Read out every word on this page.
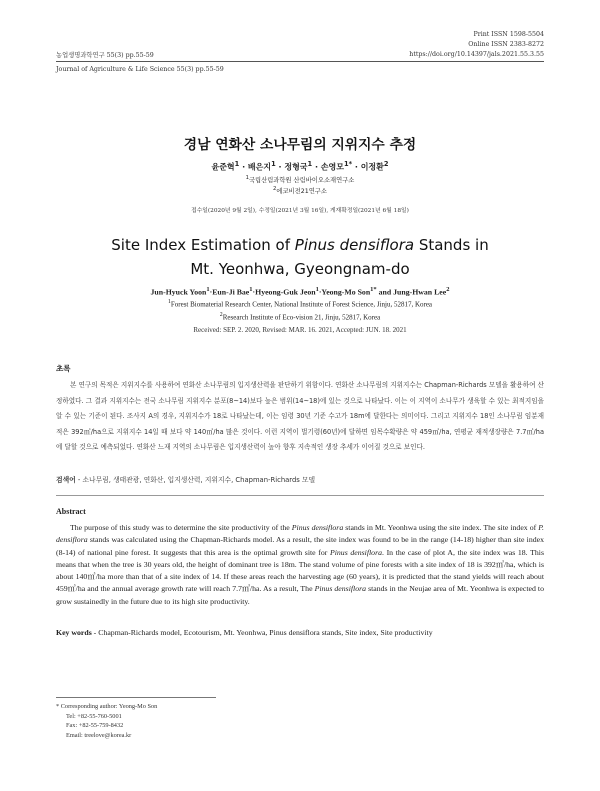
Print ISSN 1598-5504
Online ISSN 2383-8272
https://doi.org/10.14397/jals.2021.55.3.55
농업생명과학연구 55(3) pp.55-59
Journal of Agriculture & Life Science 55(3) pp.55-59
경남 연화산 소나무림의 지위지수 추정
윤준혁$^1$ · 배은지$^1$ · 정형국$^1$ · 손영모$^{1*}$ · 이정환$^2$
$^1$국립산림과학원 산림바이오소재연구소
$^2$에코비전21연구소
접수일(2020년 9월 2일), 수정일(2021년 3월 16일), 게재확정일(2021년 6월 18일)
Site Index Estimation of Pinus densiflora Stands in
Mt. Yeonhwa, Gyeongnam-do
Jun-Hyuck Yoon$^1$·Eun-Ji Bae$^1$·Hyeong-Guk Jeon$^1$·Yeong-Mo Son$^{1*}$ and Jung-Hwan Lee$^2$
$^1$Forest Biomaterial Research Center, National Institute of Forest Science, Jinju, 52817, Korea
$^2$Research Institute of Eco-vision 21, Jinju, 52817, Korea
Received: SEP. 2. 2020, Revised: MAR. 16. 2021, Accepted: JUN. 18. 2021
초록
본 연구의 목적은 지위지수를 사용하여 연화산 소나무림의 입지생산력을 판단하기 위함이다. 연화산 소나무림의 지위지수는 Chapman-Richards 모델을 활용하여 산정하였다. 그 결과 지위지수는 전국 소나무림 지위지수 분포(8~14)보다 높은 범위(14~18)에 있는 것으로 나타났다. 이는 이 지역이 소나무가 생육할 수 있는 최적지임을 알 수 있는 기준이 된다. 조사지 A의 경우, 지위지수가 18로 나타났는데, 이는 임령 30년 기준 수고가 18m에 달한다는 의미이다. 그리고 지위지수 18인 소나무림 임분재적은 392㎥/ha으로 지위지수 14일 때 보다 약 140㎥/ha 많은 것이다. 이런 지역이 벌기령(60년)에 달하면 임목수확량은 약 459㎥/ha, 연평균 재적생장량은 7.7㎥/ha에 달할 것으로 예측되었다. 연화산 느재 지역의 소나무림은 입지생산력이 높아 향후 지속적인 생장 추세가 이어질 것으로 보인다.
검색어 - 소나무림, 생태관광, 연화산, 입지생산력, 지위지수, Chapman-Richards 모델
Abstract
The purpose of this study was to determine the site productivity of the Pinus densiflora stands in Mt. Yeonhwa using the site index. The site index of P. densiflora stands was calculated using the Chapman-Richards model. As a result, the site index was found to be in the range (14-18) higher than site index (8-14) of national pine forest. It suggests that this area is the optimal growth site for Pinus densiflora. In the case of plot A, the site index was 18. This means that when the tree is 30 years old, the height of dominant tree is 18m. The stand volume of pine forests with a site index of 18 is 392㎥/ha, which is about 140㎥/ha more than that of a site index of 14. If these areas reach the harvesting age (60 years), it is predicted that the stand yields will reach about 459㎥/ha and the annual average growth rate will reach 7.7㎥/ha. As a result, The Pinus densiflora stands in the Neujae area of Mt. Yeonhwa is expected to grow sustainedly in the future due to its high site productivity.
Key words - Chapman-Richards model, Ecotourism, Mt. Yeonhwa, Pinus densiflora stands, Site index, Site productivity
* Corresponding author: Yeong-Mo Son
Tel: +82-55-760-5001
Fax: +82-55-759-8432
Email: treelove@korea.kr
